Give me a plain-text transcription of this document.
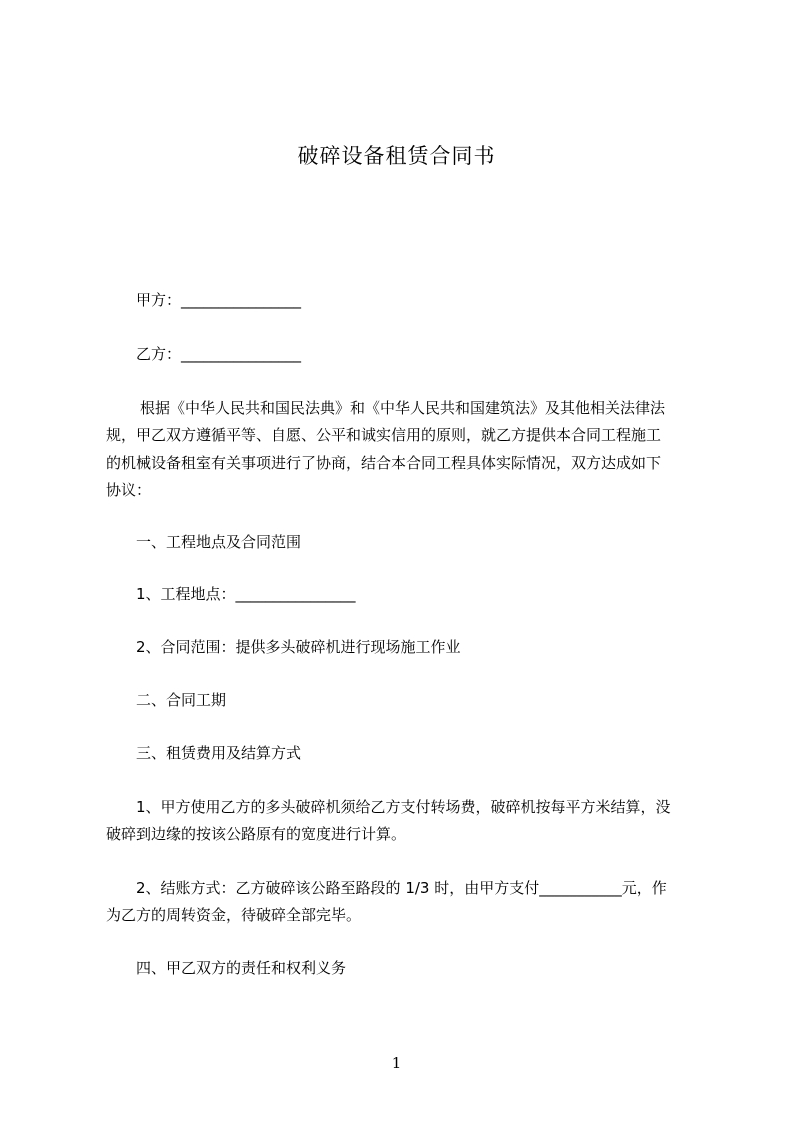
破碎设备租赁合同书
甲方：________________
乙方：________________
根据《中华人民共和国民法典》和《中华人民共和国建筑法》及其他相关法律法
规，甲乙双方遵循平等、自愿、公平和诚实信用的原则，就乙方提供本合同工程施工
的机械设备租室有关事项进行了协商，结合本合同工程具体实际情况，双方达成如下
协议：
一、工程地点及合同范围
1、工程地点：________________
2、合同范围：提供多头破碎机进行现场施工作业
二、合同工期
三、租赁费用及结算方式
1、甲方使用乙方的多头破碎机须给乙方支付转场费，破碎机按每平方米结算，没
破碎到边缘的按该公路原有的宽度进行计算。
2、结账方式：乙方破碎该公路至路段的 1/3 时，由甲方支付___________元，作
为乙方的周转资金，待破碎全部完毕。
四、甲乙双方的责任和权利义务
1
